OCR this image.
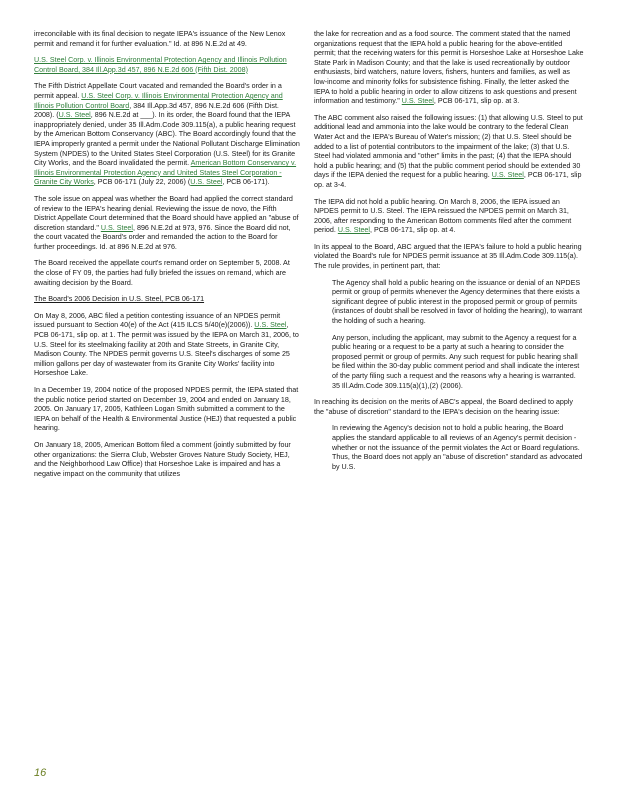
irreconcilable with its final decision to negate IEPA's issuance of the New Lenox permit and remand it for further evaluation." Id. at 896 N.E.2d at 49.

U.S. Steel Corp. v. Illinois Environmental Protection Agency and Illinois Pollution Control Board, 384 Ill.App.3d 457, 896 N.E.2d 606 (Fifth Dist. 2008)

The Fifth District Appellate Court vacated and remanded the Board's order in a permit appeal. U.S. Steel Corp. v. Illinois Environmental Protection Agency and Illinois Pollution Control Board, 384 Ill.App.3d 457, 896 N.E.2d 606 (Fifth Dist. 2008). (U.S. Steel, 896 N.E.2d at ___). In its order, the Board found that the IEPA inappropriately denied, under 35 Ill.Adm.Code 309.115(a), a public hearing request by the American Bottom Conservancy (ABC). The Board accordingly found that the IEPA improperly granted a permit under the National Pollutant Discharge Elimination System (NPDES) to the United States Steel Corporation (U.S. Steel) for its Granite City Works, and the Board invalidated the permit. American Bottom Conservancy v. Illinois Environmental Protection Agency and United States Steel Corporation - Granite City Works, PCB 06-171 (July 22, 2006) (U.S. Steel, PCB 06-171).

The sole issue on appeal was whether the Board had applied the correct standard of review to the IEPA's hearing denial. Reviewing the issue de novo, the Fifth District Appellate Court determined that the Board should have applied an "abuse of discretion standard." U.S. Steel, 896 N.E.2d at 973, 976. Since the Board did not, the court vacated the Board's order and remanded the action to the Board for further proceedings. Id. at 896 N.E.2d at 976.

The Board received the appellate court's remand order on September 5, 2008. At the close of FY 09, the parties had fully briefed the issues on remand, which are awaiting decision by the Board.

The Board's 2006 Decision in U.S. Steel, PCB 06-171

On May 8, 2006, ABC filed a petition contesting issuance of an NPDES permit issued pursuant to Section 40(e) of the Act (415 ILCS 5/40(e)(2006)). U.S. Steel, PCB 06-171, slip op. at 1. The permit was issued by the IEPA on March 31, 2006, to U.S. Steel for its steelmaking facility at 20th and State Streets, in Granite City, Madison County. The NPDES permit governs U.S. Steel's discharges of some 25 million gallons per day of wastewater from its Granite City Works' facility into Horseshoe Lake.

In a December 19, 2004 notice of the proposed NPDES permit, the IEPA stated that the public notice period started on December 19, 2004 and ended on January 18, 2005. On January 17, 2005, Kathleen Logan Smith submitted a comment to the IEPA on behalf of the Health & Environmental Justice (HEJ) that requested a public hearing.

On January 18, 2005, American Bottom filed a comment (jointly submitted by four other organizations: the Sierra Club, Webster Groves Nature Study Society, HEJ, and the Neighborhood Law Office) that Horseshoe Lake is impaired and has a negative impact on the community that utilizes

the lake for recreation and as a food source. The comment stated that the named organizations request that the IEPA hold a public hearing for the above-entitled permit; that the receiving waters for this permit is Horseshoe Lake at Horseshoe Lake State Park in Madison County; and that the lake is used recreationally by outdoor enthusiasts, bird watchers, nature lovers, fishers, hunters and families, as well as low-income and minority folks for subsistence fishing. Finally, the letter asked the IEPA to hold a public hearing in order to allow citizens to ask questions and present information and testimony." U.S. Steel, PCB 06-171, slip op. at 3.

The ABC comment also raised the following issues: (1) that allowing U.S. Steel to put additional lead and ammonia into the lake would be contrary to the federal Clean Water Act and the IEPA's Bureau of Water's mission; (2) that U.S. Steel should be added to a list of potential contributors to the impairment of the lake; (3) that U.S. Steel had violated ammonia and "other" limits in the past; (4) that the IEPA should hold a public hearing; and (5) that the public comment period should be extended 30 days if the IEPA denied the request for a public hearing. U.S. Steel, PCB 06-171, slip op. at 3-4.

The IEPA did not hold a public hearing. On March 8, 2006, the IEPA issued an NPDES permit to U.S. Steel. The IEPA reissued the NPDES permit on March 31, 2006, after responding to the American Bottom comments filed after the comment period. U.S. Steel, PCB 06-171, slip op. at 4.

In its appeal to the Board, ABC argued that the IEPA's failure to hold a public hearing violated the Board's rule for NPDES permit issuance at 35 Ill.Adm.Code 309.115(a). The rule provides, in pertinent part, that:

The Agency shall hold a public hearing on the issuance or denial of an NPDES permit or group of permits whenever the Agency determines that there exists a significant degree of public interest in the proposed permit or group of permits (instances of doubt shall be resolved in favor of holding the hearing), to warrant the holding of such a hearing.

Any person, including the applicant, may submit to the Agency a request for a public hearing or a request to be a party at such a hearing to consider the proposed permit or group of permits. Any such request for public hearing shall be filed within the 30-day public comment period and shall indicate the interest of the party filing such a request and the reasons why a hearing is warranted. 35 Ill.Adm.Code 309.115(a)(1),(2) (2006).

In reaching its decision on the merits of ABC's appeal, the Board declined to apply the "abuse of discretion" standard to the IEPA's decision on the hearing issue:

In reviewing the Agency's decision not to hold a public hearing, the Board applies the standard applicable to all reviews of an Agency's permit decision - whether or not the issuance of the permit violates the Act or Board regulations. Thus, the Board does not apply an "abuse of discretion" standard as advocated by U.S.

16
